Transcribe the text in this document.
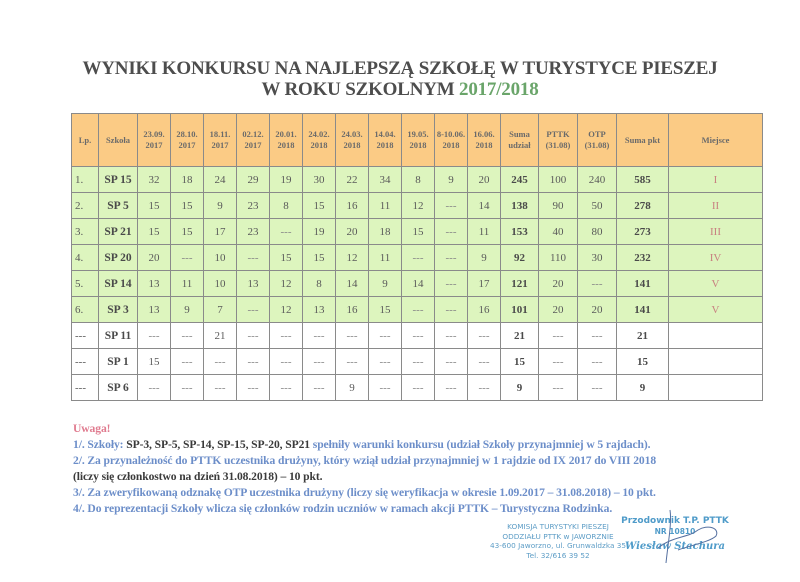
WYNIKI KONKURSU NA NAJLEPSZĄ SZKOŁĘ W TURYSTYCE PIESZEJ
W ROKU SZKOLNYM 2017/2018
Lp.	Szkoła	23.09. 2017	28.10. 2017	18.11. 2017	02.12. 2017	20.01. 2018	24.02. 2018	24.03. 2018	14.04. 2018	19.05. 2018	8-10.06. 2018	16.06. 2018	Suma udział	PTTK (31.08)	OTP (31.08)	Suma pkt	Miejsce
1.	SP 15	32	18	24	29	19	30	22	34	8	9	20	245	100	240	585	I
2.	SP 5	15	15	9	23	8	15	16	11	12	---	14	138	90	50	278	II
3.	SP 21	15	15	17	23	---	19	20	18	15	---	11	153	40	80	273	III
4.	SP 20	20	---	10	---	15	15	12	11	---	---	9	92	110	30	232	IV
5.	SP 14	13	11	10	13	12	8	14	9	14	---	17	121	20	---	141	V
6.	SP 3	13	9	7	---	12	13	16	15	---	---	16	101	20	20	141	V
---	SP 11	---	---	21	---	---	---	---	---	---	---	---	21	---	---	21	
---	SP 1	15	---	---	---	---	---	---	---	---	---	---	15	---	---	15	
---	SP 6	---	---	---	---	---	---	9	---	---	---	---	9	---	---	9	
Uwaga!
1/. Szkoły: SP-3, SP-5, SP-14, SP-15, SP-20, SP21 spełniły warunki konkursu (udział Szkoły przynajmniej w 5 rajdach).
2/. Za przynależność do PTTK uczestnika drużyny, który wziął udział przynajmniej w 1 rajdzie od IX 2017 do VIII 2018
(liczy się członkostwo na dzień 31.08.2018) – 10 pkt.
3/. Za zweryfikowaną odznakę OTP uczestnika drużyny (liczy się weryfikacja w okresie 1.09.2017 – 31.08.2018) – 10 pkt.
4/. Do reprezentacji Szkoły wlicza się członków rodzin uczniów w ramach akcji PTTK – Turystyczna Rodzinka.
KOMISJA TURYSTYKI PIESZEJ
ODDZIAŁU PTTK w JAWORZNIE
43-600 Jaworzno, ul. Grunwaldzka 35
Tel. 32/616 39 52
Przodownik T.P. PTTK
NR 10810
Wiesław Stachura
